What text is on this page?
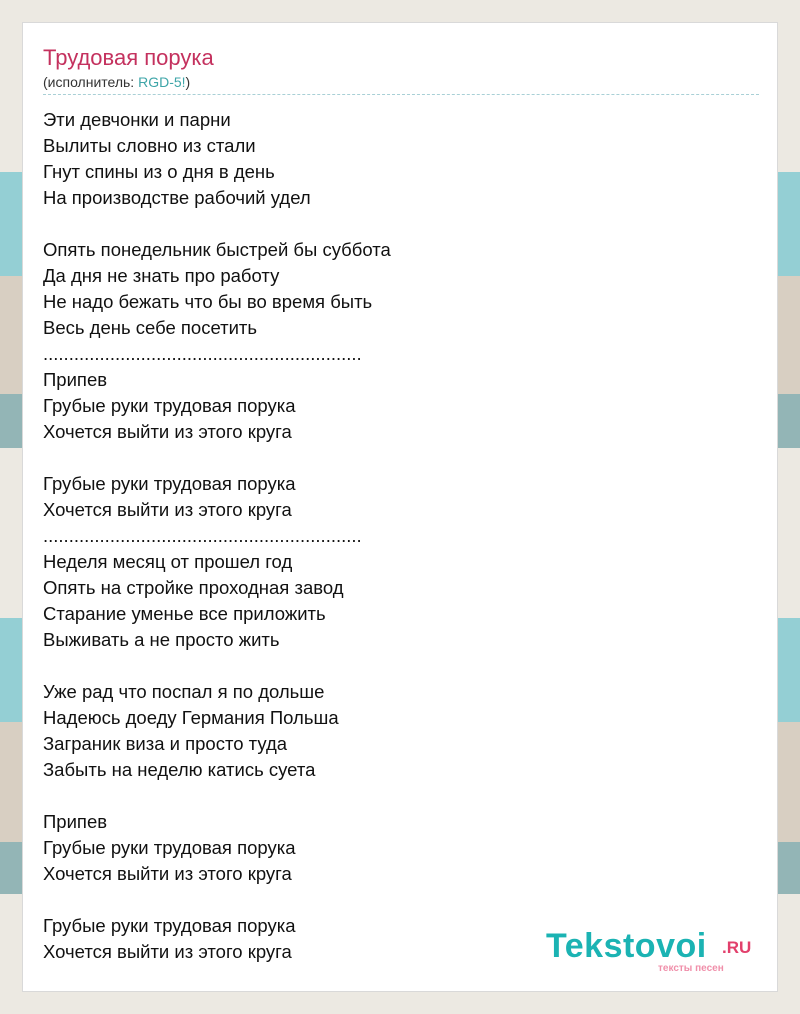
Трудовая порука
(исполнитель: RGD-5!)
Эти девчонки и парни
Вылиты словно из стали
Гнут спины из о дня в день
На производстве рабочий удел
Опять понедельник быстрей бы суббота
Да дня не знать про работу
Не надо бежать что бы во время быть
Весь день себе посетить
..............................................................
Припев
Грубые руки трудовая порука
Хочется выйти из этого круга
Грубые руки трудовая порука
Хочется выйти из этого круга
..............................................................
Неделя месяц от прошел год
Опять на стройке проходная завод
Старание уменье все приложить
Выживать а не просто жить
Уже рад что поспал я по дольше
Надеюсь доеду Германия Польша
Заграник виза и просто туда
Забыть на неделю катись суета
Припев
Грубые руки трудовая порука
Хочется выйти из этого круга
Грубые руки трудовая порука
Хочется выйти из этого круга	Tekstovoi .RU
тексты песен
